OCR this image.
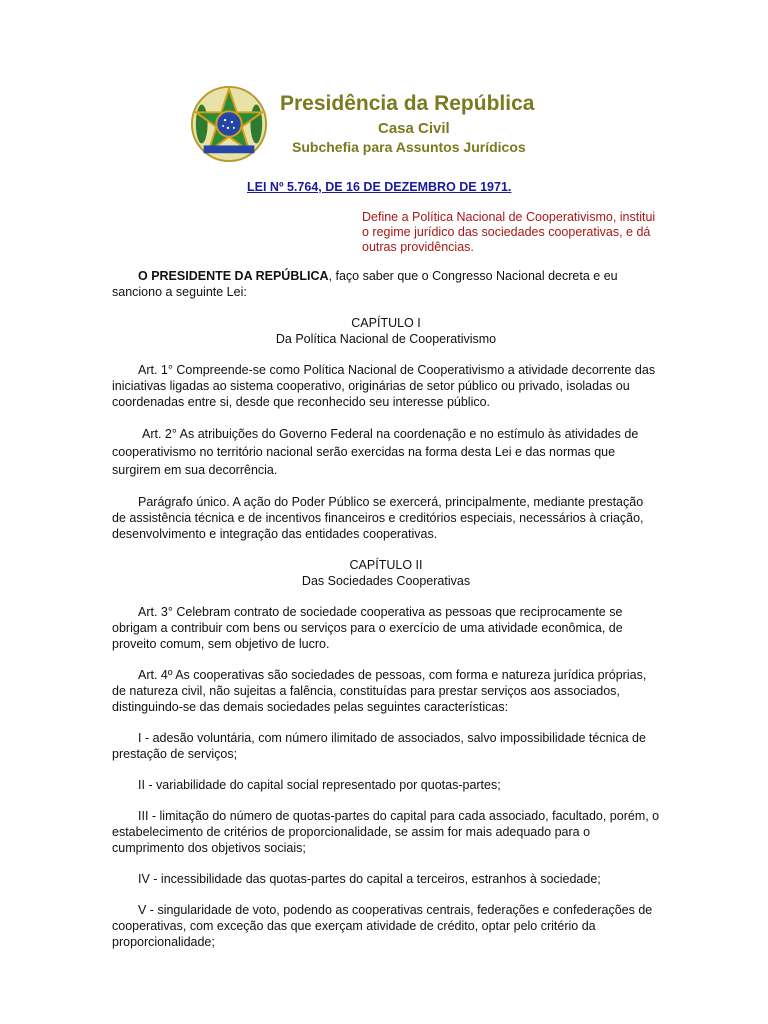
Presidência da República
Casa Civil
Subchefia para Assuntos Jurídicos
LEI Nº 5.764, DE 16 DE DEZEMBRO DE 1971.
Define a Política Nacional de Cooperativismo, institui o regime jurídico das sociedades cooperativas, e dá outras providências.

O PRESIDENTE DA REPÚBLICA, faço saber que o Congresso Nacional decreta e eu sanciono a seguinte Lei:

CAPÍTULO I
Da Política Nacional de Cooperativismo

Art. 1° Compreende-se como Política Nacional de Cooperativismo a atividade decorrente das iniciativas ligadas ao sistema cooperativo, originárias de setor público ou privado, isoladas ou coordenadas entre si, desde que reconhecido seu interesse público.

Art. 2° As atribuições do Governo Federal na coordenação e no estímulo às atividades de cooperativismo no território nacional serão exercidas na forma desta Lei e das normas que surgirem em sua decorrência.

Parágrafo único. A ação do Poder Público se exercerá, principalmente, mediante prestação de assistência técnica e de incentivos financeiros e creditórios especiais, necessários à criação, desenvolvimento e integração das entidades cooperativas.

CAPÍTULO II
Das Sociedades Cooperativas

Art. 3° Celebram contrato de sociedade cooperativa as pessoas que reciprocamente se obrigam a contribuir com bens ou serviços para o exercício de uma atividade econômica, de proveito comum, sem objetivo de lucro.

Art. 4º As cooperativas são sociedades de pessoas, com forma e natureza jurídica próprias, de natureza civil, não sujeitas a falência, constituídas para prestar serviços aos associados, distinguindo-se das demais sociedades pelas seguintes características:

I - adesão voluntária, com número ilimitado de associados, salvo impossibilidade técnica de prestação de serviços;

II - variabilidade do capital social representado por quotas-partes;

III - limitação do número de quotas-partes do capital para cada associado, facultado, porém, o estabelecimento de critérios de proporcionalidade, se assim for mais adequado para o cumprimento dos objetivos sociais;

IV - incessibilidade das quotas-partes do capital a terceiros, estranhos à sociedade;

V - singularidade de voto, podendo as cooperativas centrais, federações e confederações de cooperativas, com exceção das que exerçam atividade de crédito, optar pelo critério da proporcionalidade;
